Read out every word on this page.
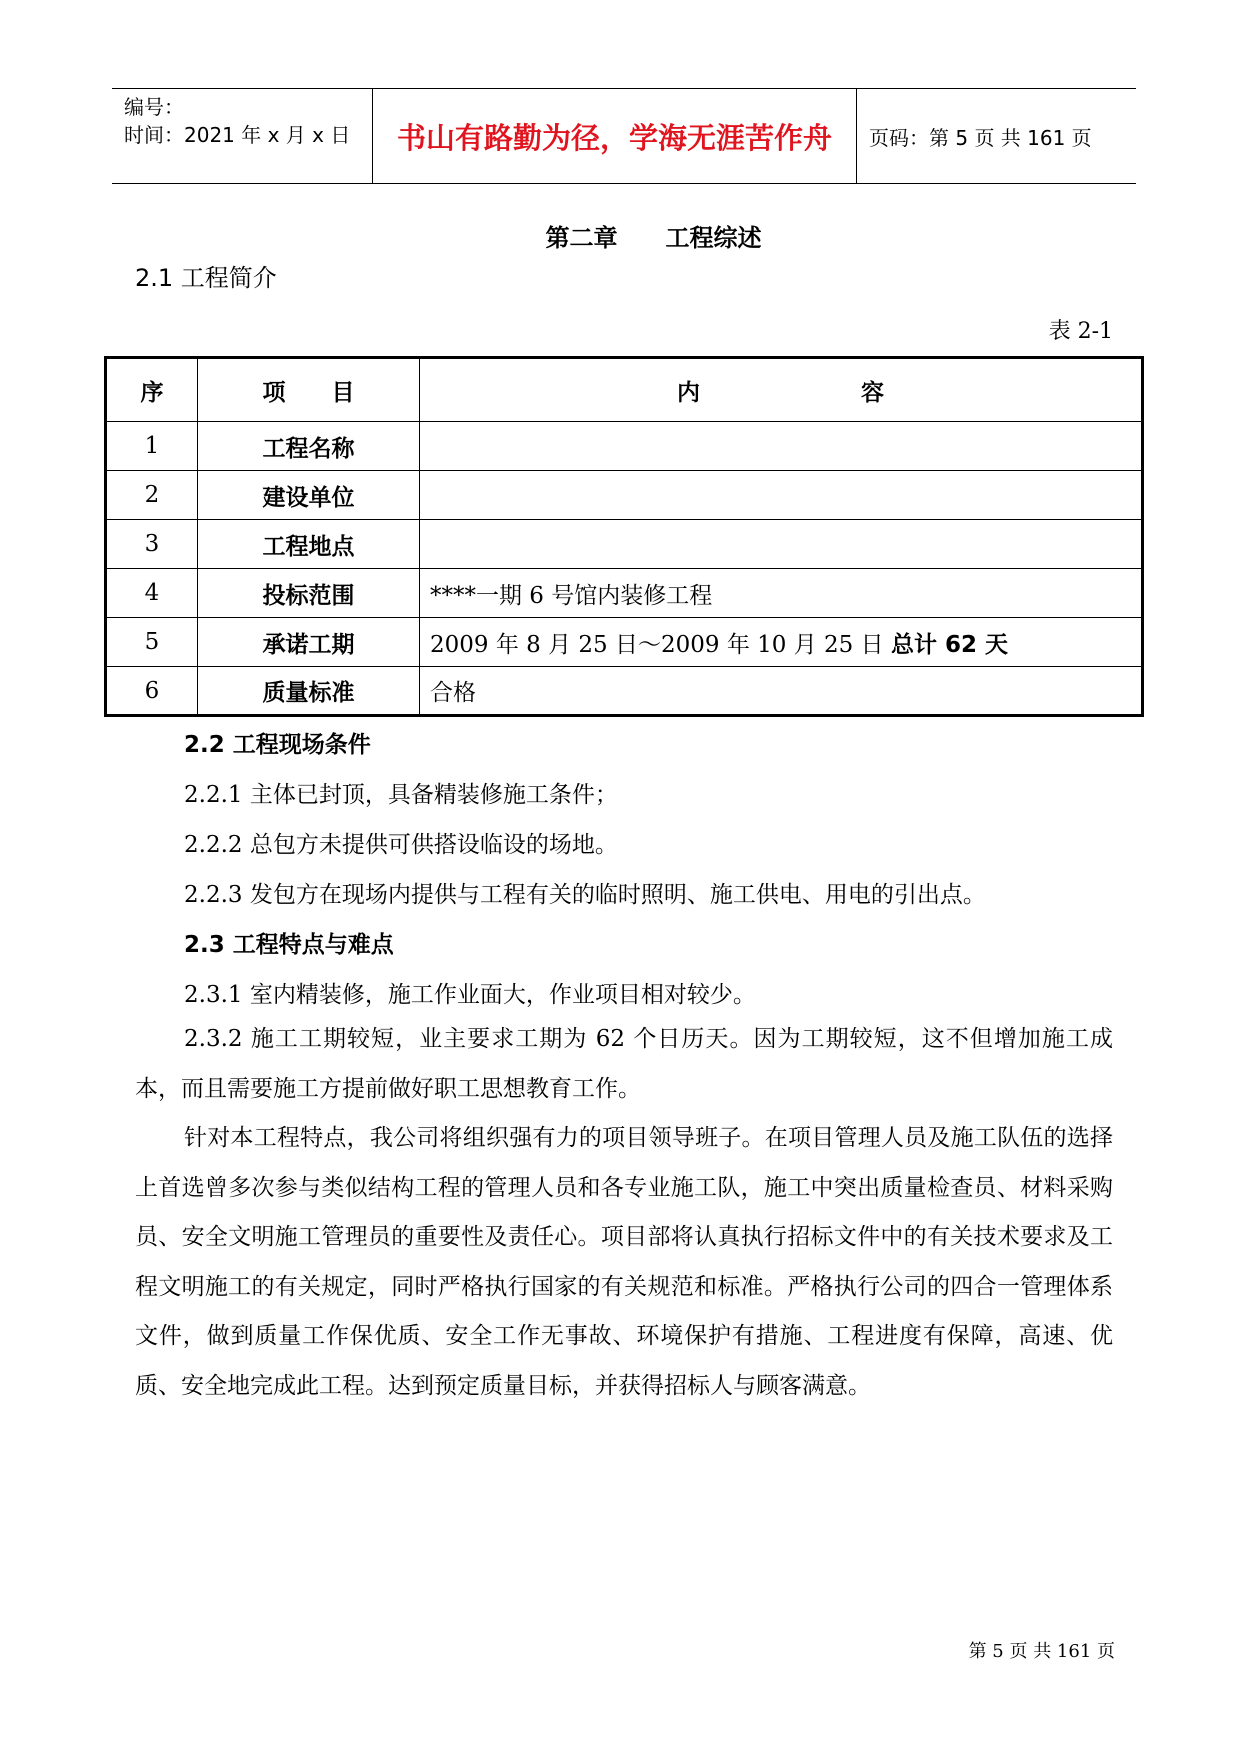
编号：
时间：2021 年 x 月 x 日	书山有路勤为径，学海无涯苦作舟	页码：第 5 页 共 161 页
第二章 工程综述
2.1 工程简介
表 2-1
序	项　　目	内　　　　　　　容
1	工程名称	
2	建设单位	
3	工程地点	
4	投标范围	****一期 6 号馆内装修工程
5	承诺工期	2009 年 8 月 25 日～2009 年 10 月 25 日 总计 62 天
6	质量标准	合格
2.2 工程现场条件
2.2.1 主体已封顶，具备精装修施工条件；
2.2.2 总包方未提供可供搭设临设的场地。
2.2.3 发包方在现场内提供与工程有关的临时照明、施工供电、用电的引出点。
2.3 工程特点与难点
2.3.1 室内精装修，施工作业面大，作业项目相对较少。
2.3.2 施工工期较短，业主要求工期为 62 个日历天。因为工期较短，这不但增加施工成本，而且需要施工方提前做好职工思想教育工作。
针对本工程特点，我公司将组织强有力的项目领导班子。在项目管理人员及施工队伍的选择上首选曾多次参与类似结构工程的管理人员和各专业施工队，施工中突出质量检查员、材料采购员、安全文明施工管理员的重要性及责任心。项目部将认真执行招标文件中的有关技术要求及工程文明施工的有关规定，同时严格执行国家的有关规范和标准。严格执行公司的四合一管理体系文件，做到质量工作保优质、安全工作无事故、环境保护有措施、工程进度有保障，高速、优质、安全地完成此工程。达到预定质量目标，并获得招标人与顾客满意。
第 5 页 共 161 页
